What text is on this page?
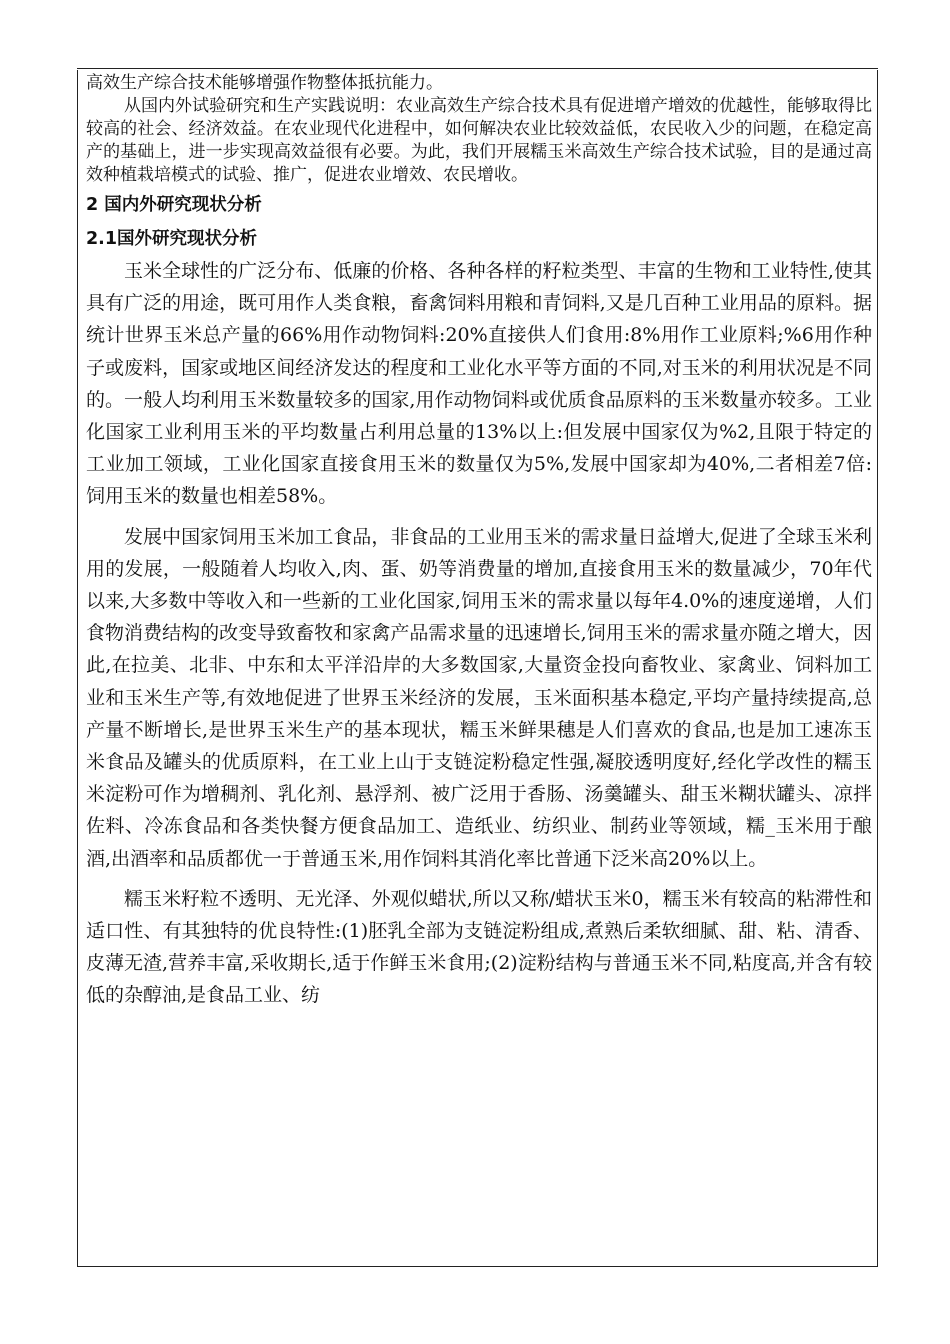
高效生产综合技术能够增强作物整体抵抗能力。

从国内外试验研究和生产实践说明：农业高效生产综合技术具有促进增产增效的优越性，能够取得比较高的社会、经济效益。在农业现代化进程中，如何解决农业比较效益低，农民收入少的问题，在稳定高产的基础上，进一步实现高效益很有必要。为此，我们开展糯玉米高效生产综合技术试验，目的是通过高效种植栽培模式的试验、推广，促进农业增效、农民增收。

2 国内外研究现状分析

2.1国外研究现状分析

玉米全球性的广泛分布、低廉的价格、各种各样的籽粒类型、丰富的生物和工业特性,使其具有广泛的用途，既可用作人类食粮，畜禽饲料用粮和青饲料,又是几百种工业用品的原料。据统计世界玉米总产量的66%用作动物饲料:20%直接供人们食用:8%用作工业原料;%6用作种子或废料，国家或地区间经济发达的程度和工业化水平等方面的不同,对玉米的利用状况是不同的。一般人均利用玉米数量较多的国家,用作动物饲料或优质食品原料的玉米数量亦较多。工业化国家工业利用玉米的平均数量占利用总量的13%以上:但发展中国家仅为%2,且限于特定的工业加工领域，工业化国家直接食用玉米的数量仅为5%,发展中国家却为40%,二者相差7倍:饲用玉米的数量也相差58%。

发展中国家饲用玉米加工食品，非食品的工业用玉米的需求量日益增大,促进了全球玉米利用的发展，一般随着人均收入,肉、蛋、奶等消费量的增加,直接食用玉米的数量减少，70年代以来,大多数中等收入和一些新的工业化国家,饲用玉米的需求量以每年4.0%的速度递增，人们食物消费结构的改变导致畜牧和家禽产品需求量的迅速增长,饲用玉米的需求量亦随之增大，因此,在拉美、北非、中东和太平洋沿岸的大多数国家,大量资金投向畜牧业、家禽业、饲料加工业和玉米生产等,有效地促进了世界玉米经济的发展，玉米面积基本稳定,平均产量持续提高,总产量不断增长,是世界玉米生产的基本现状，糯玉米鲜果穗是人们喜欢的食品,也是加工速冻玉米食品及罐头的优质原料，在工业上山于支链淀粉稳定性强,凝胶透明度好,经化学改性的糯玉米淀粉可作为增稠剂、乳化剂、悬浮剂、被广泛用于香肠、汤羹罐头、甜玉米糊状罐头、凉拌佐料、冷冻食品和各类快餐方便食品加工、造纸业、纺织业、制药业等领域，糯_玉米用于酿酒,出酒率和品质都优一于普通玉米,用作饲料其消化率比普通下泛米高20%以上。

糯玉米籽粒不透明、无光泽、外观似蜡状,所以又称/蜡状玉米0，糯玉米有较高的粘滞性和适口性、有其独特的优良特性:(1)胚乳全部为支链淀粉组成,煮熟后柔软细腻、甜、粘、清香、皮薄无渣,营养丰富,采收期长,适于作鲜玉米食用;(2)淀粉结构与普通玉米不同,粘度高,并含有较低的杂醇油,是食品工业、纺
